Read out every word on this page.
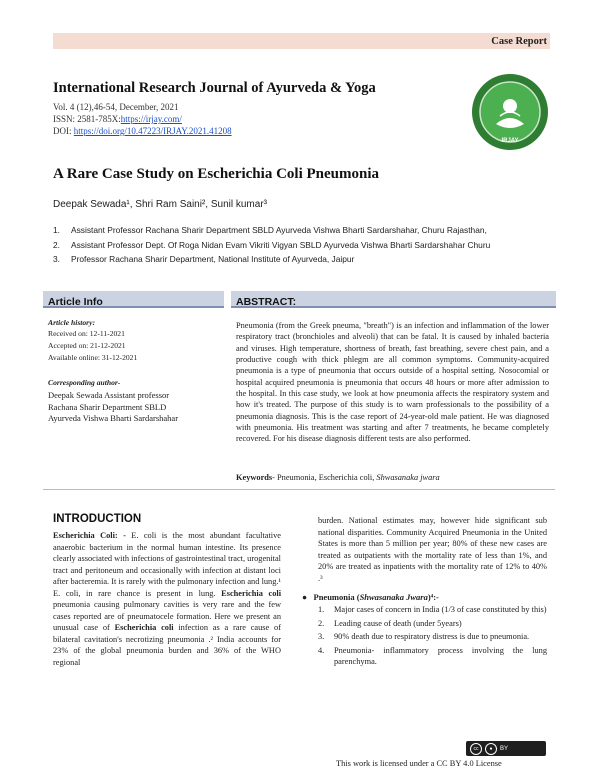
Case Report
International Research Journal of Ayurveda & Yoga
Vol. 4 (12),46-54, December, 2021
ISSN: 2581-785X:https://irjay.com/
DOI: https://doi.org/10.47223/IRJAY.2021.41208
IRJAY
A Rare Case Study on Escherichia Coli Pneumonia
Deepak Sewada¹, Shri Ram Saini², Sunil kumar³
1. Assistant Professor Rachana Sharir Department SBLD Ayurveda Vishwa Bharti Sardarshahar, Churu Rajasthan,
2. Assistant Professor Dept. Of Roga Nidan Evam Vikriti Vigyan SBLD Ayurveda Vishwa Bharti Sardarshahar Churu
3. Professor Rachana Sharir Department, National Institute of Ayurveda, Jaipur
Article Info	ABSTRACT:
Article history:
Received on: 12-11-2021
Accepted on: 21-12-2021
Available online: 31-12-2021
Corresponding author-
Deepak Sewada Assistant professor
Rachana Sharir Department SBLD
Ayurveda Vishwa Bharti Sardarshahar
Pneumonia (from the Greek pneuma, "breath") is an infection and inflammation of the lower respiratory tract (bronchioles and alveoli) that can be fatal. It is caused by inhaled bacteria and viruses. High temperature, shortness of breath, fast breathing, severe chest pain, and a productive cough with thick phlegm are all common symptoms. Community-acquired pneumonia is a type of pneumonia that occurs outside of a hospital setting. Nosocomial or hospital acquired pneumonia is pneumonia that occurs 48 hours or more after admission to the hospital. In this case study, we look at how pneumonia affects the respiratory system and how it's treated. The purpose of this study is to warn professionals to the possibility of a pneumonia diagnosis. This is the case report of 24-year-old male patient. He was diagnosed with pneumonia. His treatment was starting and after 7 treatments, he became completely recovered. For his disease diagnosis different tests are also performed.
Keywords- Pneumonia, Escherichia coli, Shwasanaka jwara
INTRODUCTION
Escherichia Coli: - E. coli is the most abundant facultative anaerobic bacterium in the normal human intestine. Its presence clearly associated with infections of gastrointestinal tract, urogenital tract and peritoneum and occasionally with infection at distant loci after bacteremia. It is rarely with the pulmonary infection and lung.¹ E. coli, in rare chance is present in lung. Escherichia coli pneumonia causing pulmonary cavities is very rare and the few cases reported are of pneumatocele formation. Here we present an unusual case of Escherichia coli infection as a rare cause of bilateral cavitation's necrotizing pneumonia .² India accounts for 23% of the global pneumonia burden and 36% of the WHO regional
burden. National estimates may, however hide significant sub national disparities. Community Acquired Pneumonia in the United States is more than 5 million per year; 80% of these new cases are treated as outpatients with the mortality rate of less than 1%, and 20% are treated as inpatients with the mortality rate of 12% to 40% .³
● Pneumonia (Shwasanaka Jwara)⁴:-

1. Major cases of concern in India (1/3 of case constituted by this)

2. Leading cause of death (under 5years)

3. 90% death due to respiratory distress is due to pneumonia.

4. Pneumonia- inflammatory process involving the lung parenchyma.

cc	●	BY
This work is licensed under a CC BY 4.0 License
